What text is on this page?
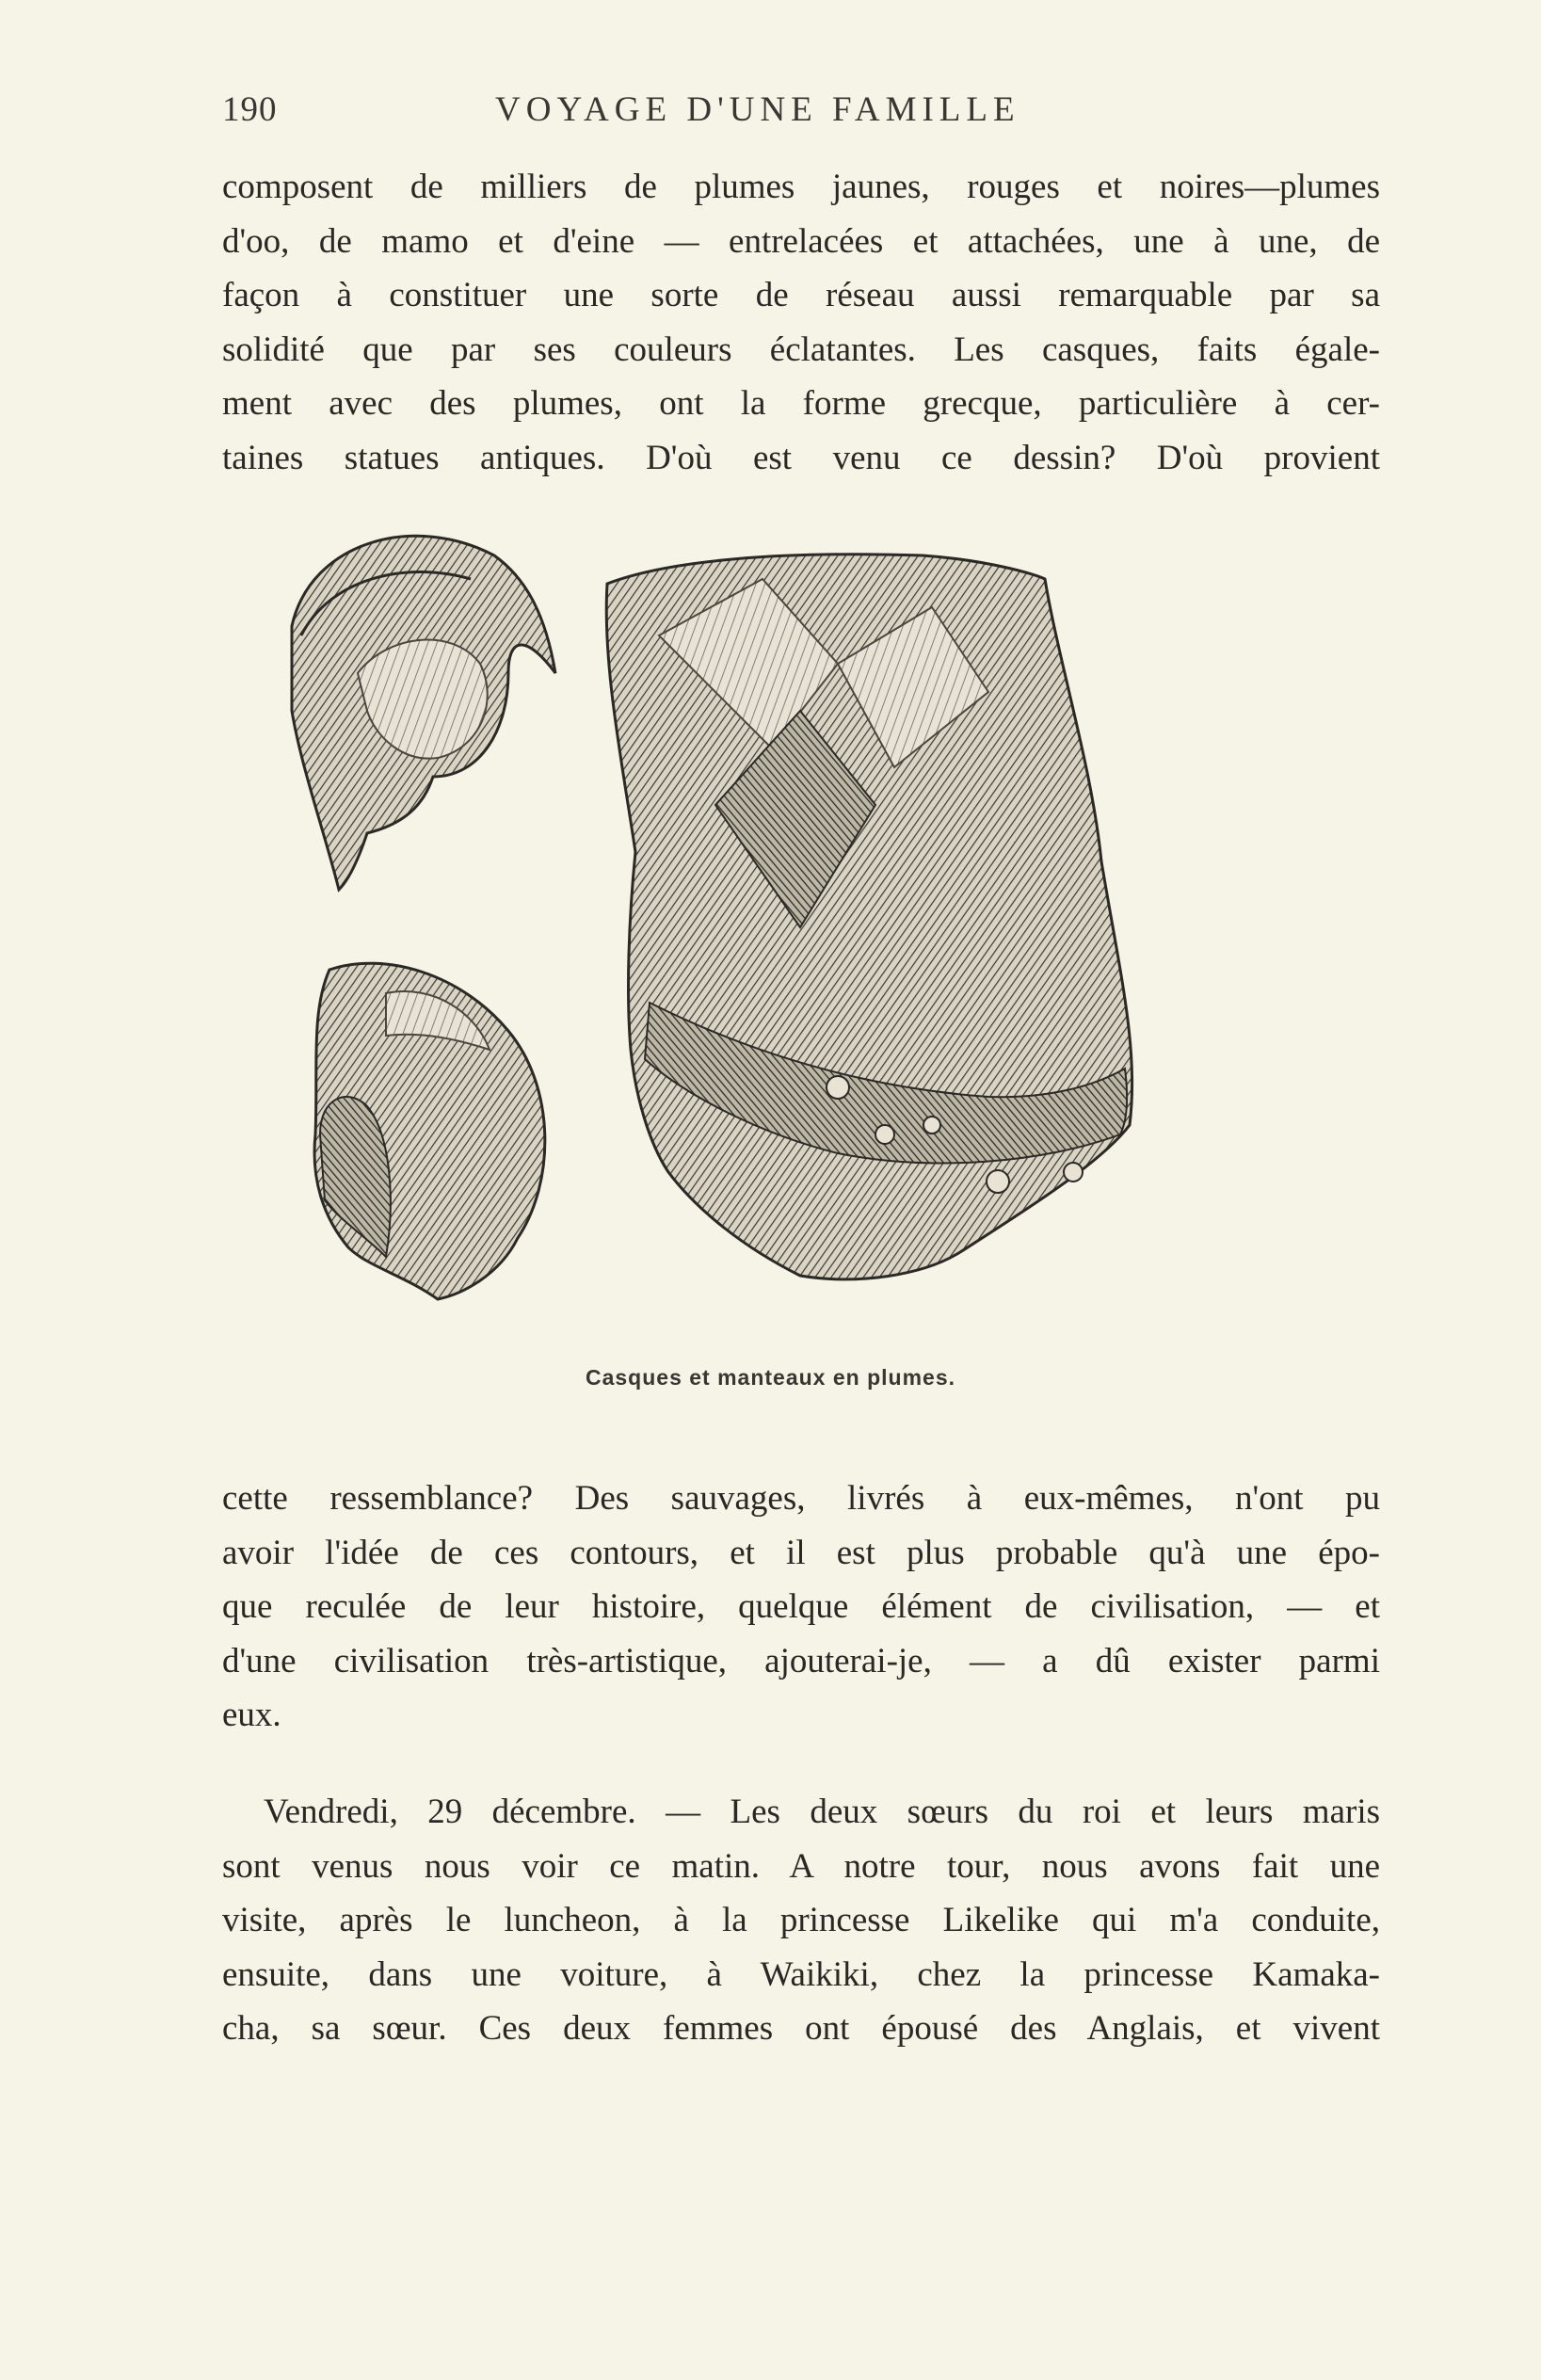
190	VOYAGE D'UNE FAMILLE
composent de milliers de plumes jaunes, rouges et noires—plumes
d'oo, de mamo et d'eine — entrelacées et attachées, une à une, de
façon à constituer une sorte de réseau aussi remarquable par sa
solidité que par ses couleurs éclatantes. Les casques, faits égale-
ment avec des plumes, ont la forme grecque, particulière à cer-
taines statues antiques. D'où est venu ce dessin? D'où provient
Casques et manteaux en plumes.
cette ressemblance? Des sauvages, livrés à eux-mêmes, n'ont pu
avoir l'idée de ces contours, et il est plus probable qu'à une épo-
que reculée de leur histoire, quelque élément de civilisation, — et
d'une civilisation très-artistique, ajouterai-je, — a dû exister parmi
eux.
Vendredi, 29 décembre. — Les deux sœurs du roi et leurs maris
sont venus nous voir ce matin. A notre tour, nous avons fait une
visite, après le luncheon, à la princesse Likelike qui m'a conduite,
ensuite, dans une voiture, à Waikiki, chez la princesse Kamaka-
cha, sa sœur. Ces deux femmes ont épousé des Anglais, et vivent
